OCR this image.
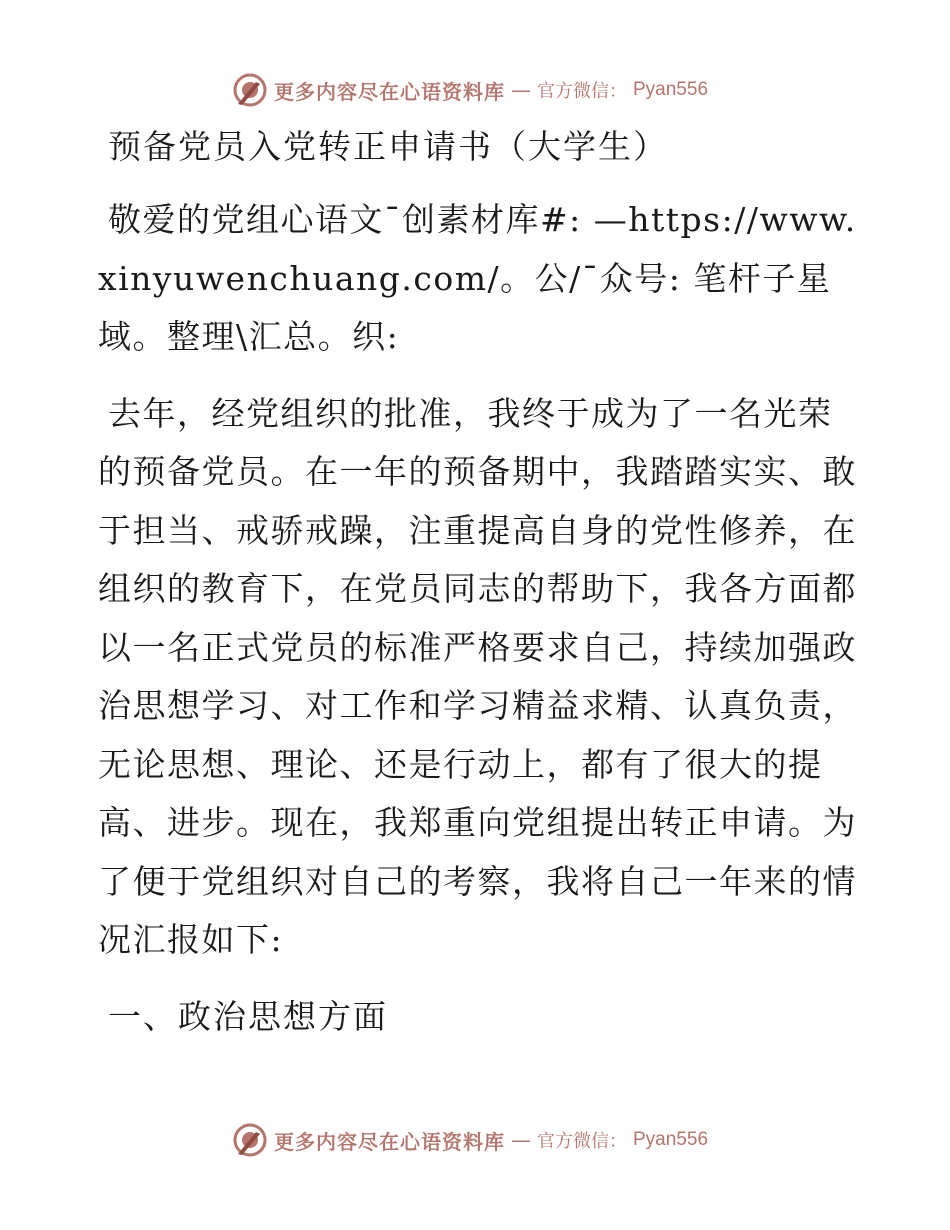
更多内容尽在心语资料库 — 官方微信： Pyan556
预备党员入党转正申请书（大学生）

敬爱的党组心语文¯创素材库#: —https://www.xinyuwenchuang.com/。公/¯众号: 笔杆子星域。整理\汇总。织:

去年，经党组织的批准，我终于成为了一名光荣的预备党员。在一年的预备期中，我踏踏实实、敢于担当、戒骄戒躁，注重提高自身的党性修养，在组织的教育下，在党员同志的帮助下，我各方面都以一名正式党员的标准严格要求自己，持续加强政治思想学习、对工作和学习精益求精、认真负责，无论思想、理论、还是行动上，都有了很大的提高、进步。现在，我郑重向党组提出转正申请。为了便于党组织对自己的考察，我将自己一年来的情况汇报如下:

一、政治思想方面
更多内容尽在心语资料库 — 官方微信： Pyan556
